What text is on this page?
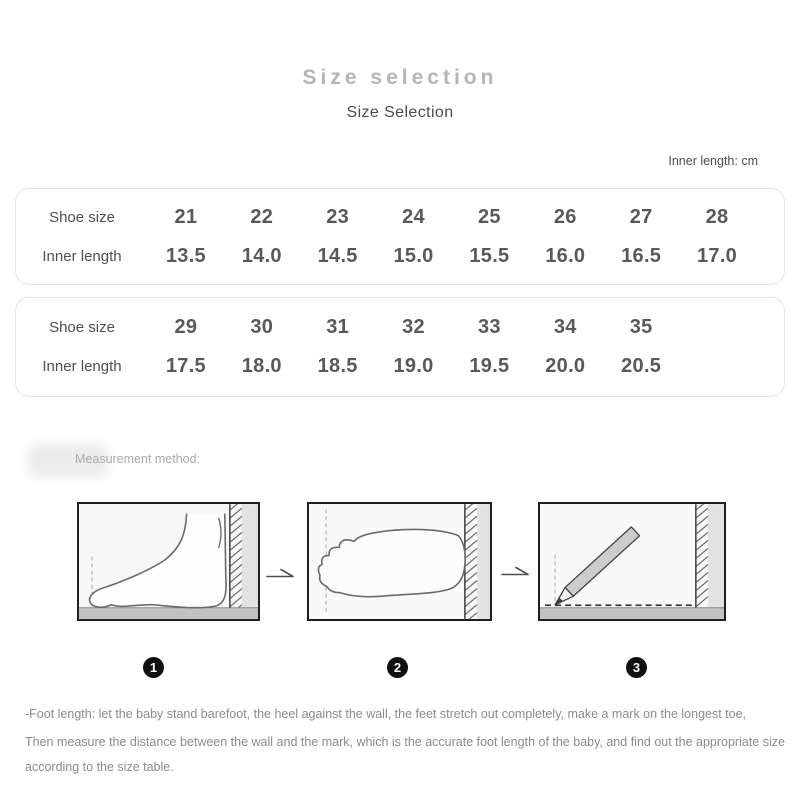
Size selection
Size Selection
Inner length: cm
Shoe size	21	22	23	24	25	26	27	28
Inner length	13.5	14.0	14.5	15.0	15.5	16.0	16.5	17.0
Shoe size	29	30	31	32	33	34	35
Inner length	17.5	18.0	18.5	19.0	19.5	20.0	20.5
Measurement method:
1	2	3
-Foot length: let the baby stand barefoot, the heel against the wall, the feet stretch out completely, make a mark on the longest toe,
Then measure the distance between the wall and the mark, which is the accurate foot length of the baby, and find out the appropriate size according to the size table.
